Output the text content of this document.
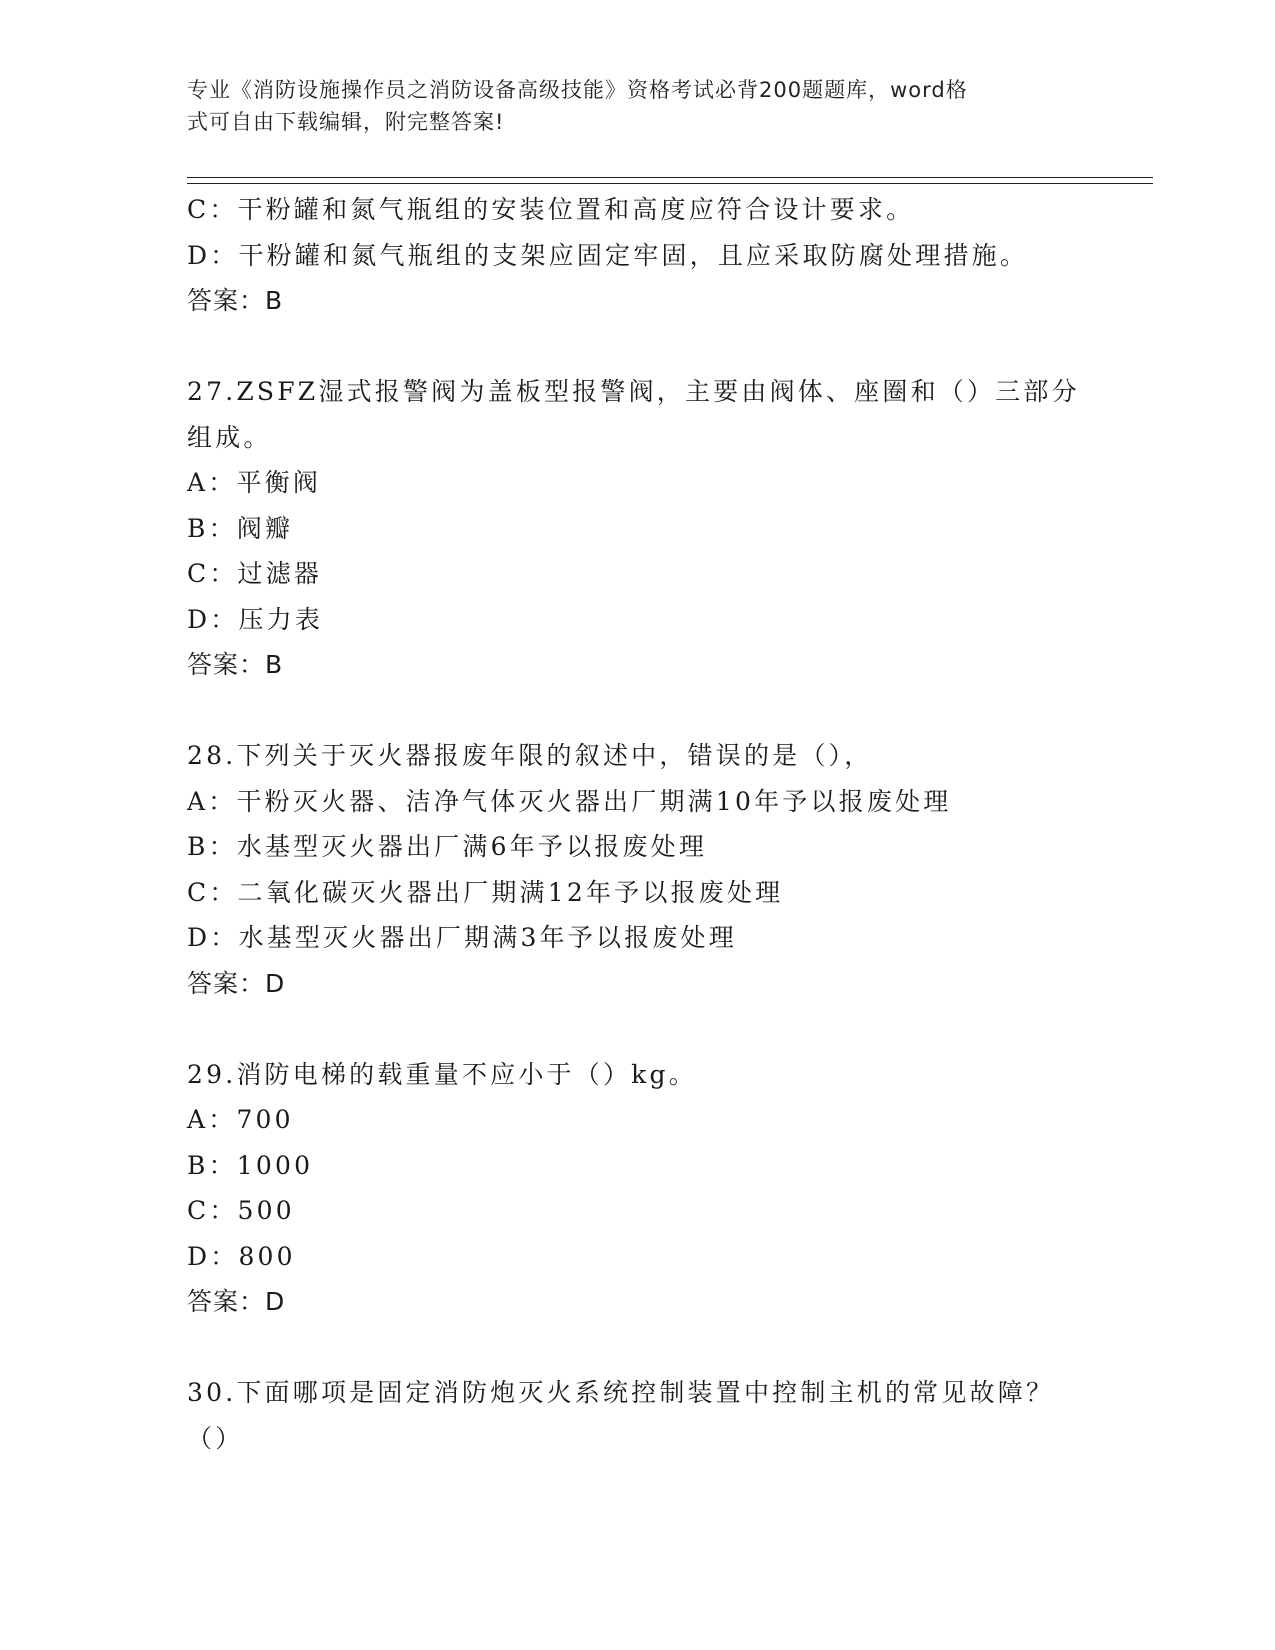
专业《消防设施操作员之消防设备高级技能》资格考试必背200题题库，word格
式可自由下载编辑，附完整答案!
C：干粉罐和氮气瓶组的安装位置和高度应符合设计要求。
D：干粉罐和氮气瓶组的支架应固定牢固，且应采取防腐处理措施。
答案：B
27.ZSFZ湿式报警阀为盖板型报警阀，主要由阀体、座圈和（）三部分
组成。
A：平衡阀
B：阀瓣
C：过滤器
D：压力表
答案：B
28.下列关于灭火器报废年限的叙述中，错误的是（），
A：干粉灭火器、洁净气体灭火器出厂期满10年予以报废处理
B：水基型灭火器出厂满6年予以报废处理
C：二氧化碳灭火器出厂期满12年予以报废处理
D：水基型灭火器出厂期满3年予以报废处理
答案：D
29.消防电梯的载重量不应小于（）kg。
A：700
B：1000
C：500
D：800
答案：D
30.下面哪项是固定消防炮灭火系统控制装置中控制主机的常见故障？
（）
